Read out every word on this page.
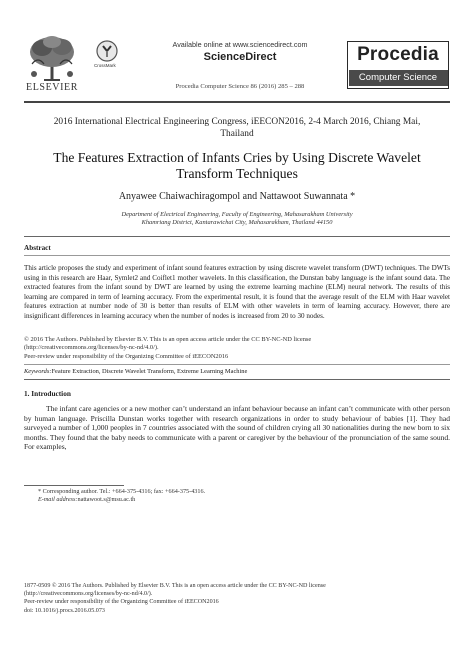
ELSEVIER
CrossMark
Available online at www.sciencedirect.com
ScienceDirect
Procedia Computer Science 86 (2016) 285 – 288
Procedia
Computer Science
2016 International Electrical Engineering Congress, iEECON2016, 2-4 March 2016, Chiang Mai,
Thailand
The Features Extraction of Infants Cries by Using Discrete Wavelet
Transform Techniques
Anyawee Chaiwachiragompol and Nattawoot Suwannata *
Department of Electrical Engineering, Faculty of Engineering, Mahasarakham University
Khamriang District, Kantarawichai City, Mahasarakham, Thailand 44150
Abstract
This article proposes the study and experiment of infant sound features extraction by using discrete wavelet transform (DWT) techniques. The DWTs using in this research are Haar, Symlet2 and Coiflet1 mother wavelets. In this classification, the Dunstan baby language is the infant sound data. The extracted features from the infant sound by DWT are learned by using the extreme learning machine (ELM) neural network. The results of this learning are compared in term of learning accuracy. From the experimental result, it is found that the average result of the ELM with Haar wavelet features extraction at number node of 30 is better than results of ELM with other wavelets in term of learning accuracy. However, there are insignificant differences in learning accuracy when the number of nodes is increased from 20 to 30 nodes.
© 2016 The Authors. Published by Elsevier B.V. This is an open access article under the CC BY-NC-ND license
(http://creativecommons.org/licenses/by-nc-nd/4.0/).
Peer-review under responsibility of the Organizing Committee of iEECON2016
Keywords:Feature Extraction, Discrete Wavelet Transform, Extreme Learning Machine
1. Introduction
The infant care agencies or a new mother can’t understand an infant behaviour because an infant can’t communicate with other person by human language. Priscilla Dunstan works together with research organizations in order to study behaviour of babies [1]. They had surveyed a number of 1,000 peoples in 7 countries associated with the sound of children crying all 30 nationalities during the new born to six months. They found that the baby needs to communicate with a parent or caregiver by the behaviour of the pronunciation of the same sound. For examples,
* Corresponding author. Tel.: +664-375-4316; fax: +664-375-4316.
E-mail address:nattawoot.s@msu.ac.th
1877-0509 © 2016 The Authors. Published by Elsevier B.V. This is an open access article under the CC BY-NC-ND license
(http://creativecommons.org/licenses/by-nc-nd/4.0/).
Peer-review under responsibility of the Organizing Committee of iEECON2016
doi: 10.1016/j.procs.2016.05.073
